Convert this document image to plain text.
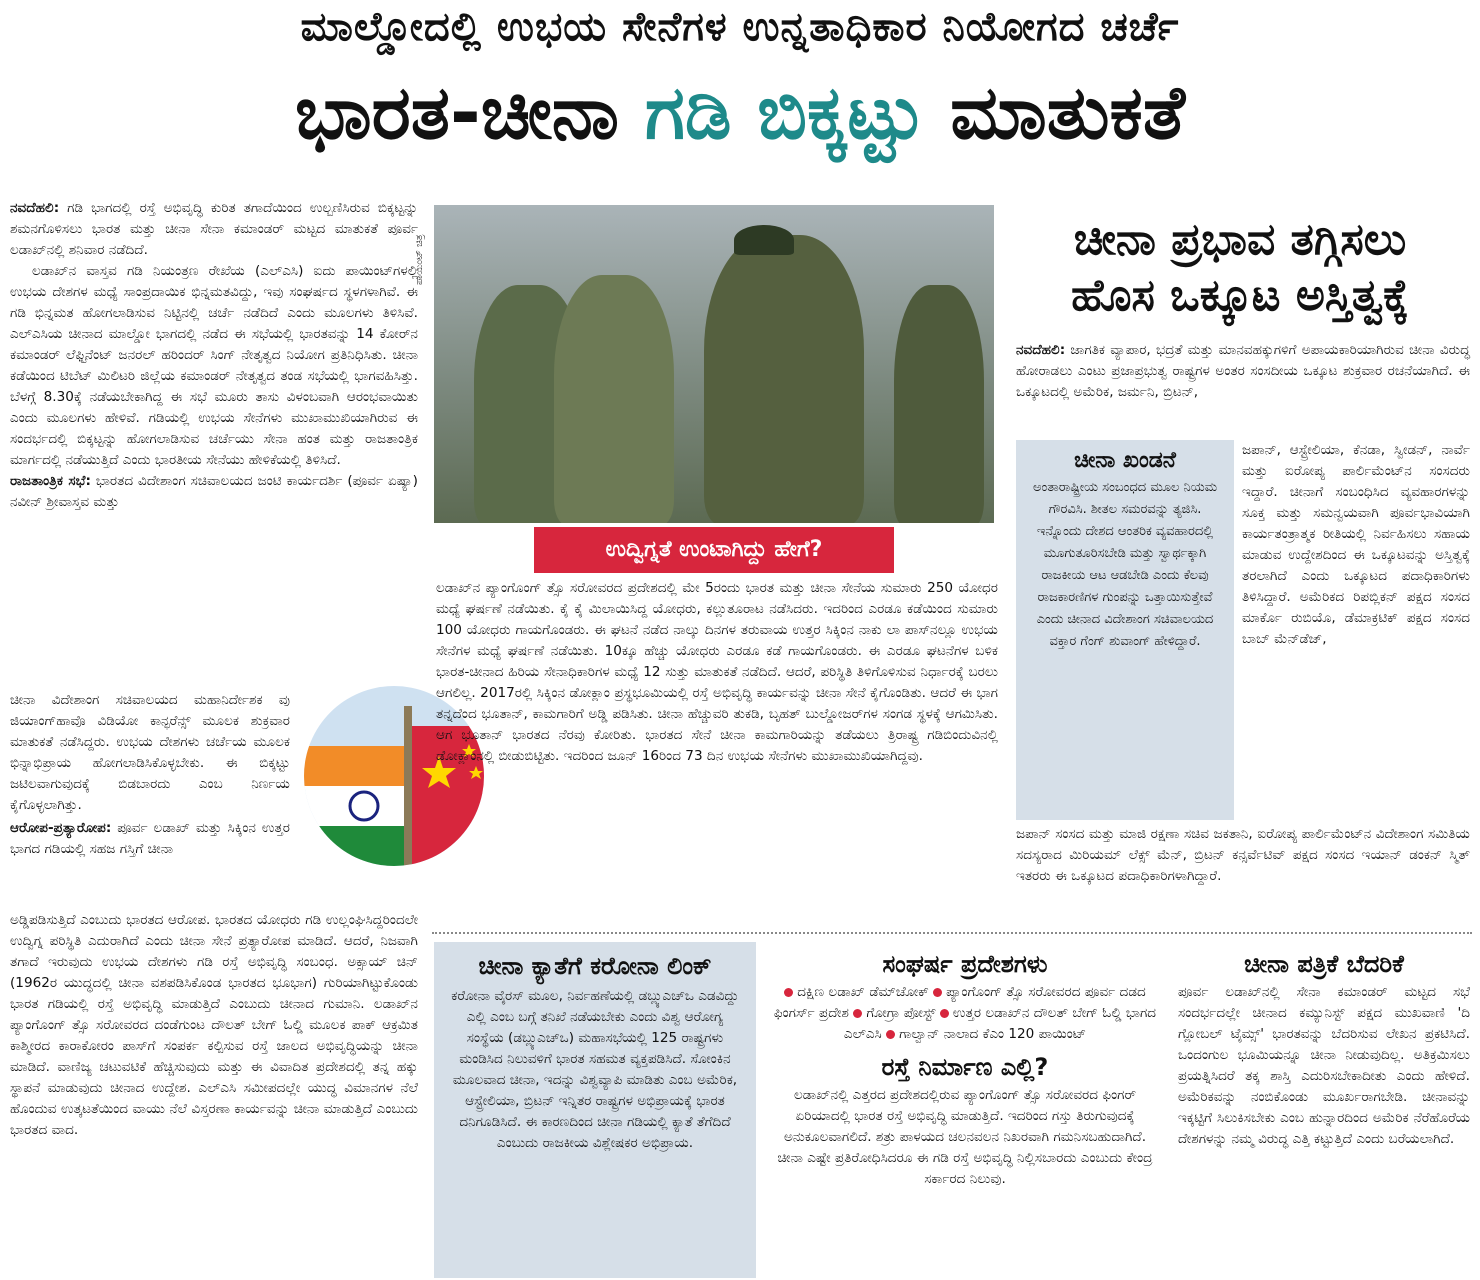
ಮಾಲ್ಡೋದಲ್ಲಿ ಉಭಯ ಸೇನೆಗಳ ಉನ್ನತಾಧಿಕಾರ ನಿಯೋಗದ ಚರ್ಚೆ
ಭಾರತ-ಚೀನಾ ಗಡಿ ಬಿಕ್ಕಟ್ಟು ಮಾತುಕತೆ

ನವದೆಹಲಿ: ಗಡಿ ಭಾಗದಲ್ಲಿ ರಸ್ತೆ ಅಭಿವೃದ್ಧಿ ಕುರಿತ ತಗಾದೆಯಿಂದ ಉಲ್ಬಣಿಸಿರುವ ಬಿಕ್ಕಟ್ಟನ್ನು ಶಮನಗೊಳಿಸಲು ಭಾರತ ಮತ್ತು ಚೀನಾ ಸೇನಾ ಕಮಾಂಡರ್ ಮಟ್ಟದ ಮಾತುಕತೆ ಪೂರ್ವ ಲಡಾಖ್‌ನಲ್ಲಿ ಶನಿವಾರ ನಡೆದಿದೆ.

ಲಡಾಖ್‌ನ ವಾಸ್ತವ ಗಡಿ ನಿಯಂತ್ರಣ ರೇಖೆಯ (ಎಲ್‌ಎಸಿ) ಐದು ಪಾಯಿಂಟ್‌ಗಳಲ್ಲಿ ಉಭಯ ದೇಶಗಳ ಮಧ್ಯೆ ಸಾಂಪ್ರದಾಯಿಕ ಭಿನ್ನಮತವಿದ್ದು, ಇವು ಸಂಘರ್ಷದ ಸ್ಥಳಗಳಾಗಿವೆ. ಈ ಗಡಿ ಭಿನ್ನಮತ ಹೋಗಲಾಡಿಸುವ ನಿಟ್ಟಿನಲ್ಲಿ ಚರ್ಚೆ ನಡೆದಿದೆ ಎಂದು ಮೂಲಗಳು ತಿಳಿಸಿವೆ. ಎಲ್‌ಎಸಿಯ ಚೀನಾದ ಮಾಲ್ಡೋ ಭಾಗದಲ್ಲಿ ನಡೆದ ಈ ಸಭೆಯಲ್ಲಿ ಭಾರತವನ್ನು 14 ಕೋರ್‌ನ ಕಮಾಂಡರ್ ಲೆಫ್ಟಿನೆಂಟ್ ಜನರಲ್ ಹರಿಂದರ್ ಸಿಂಗ್ ನೇತೃತ್ವದ ನಿಯೋಗ ಪ್ರತಿನಿಧಿಸಿತು. ಚೀನಾ ಕಡೆಯಿಂದ ಟಿಬೆಟ್ ಮಿಲಿಟರಿ ಜಿಲ್ಲೆಯ ಕಮಾಂಡರ್ ನೇತೃತ್ವದ ತಂಡ ಸಭೆಯಲ್ಲಿ ಭಾಗವಹಿಸಿತ್ತು. ಬೆಳಗ್ಗೆ 8.30ಕ್ಕೆ ನಡೆಯಬೇಕಾಗಿದ್ದ ಈ ಸಭೆ ಮೂರು ತಾಸು ವಿಳಂಬವಾಗಿ ಆರಂಭವಾಯಿತು ಎಂದು ಮೂಲಗಳು ಹೇಳಿವೆ. ಗಡಿಯಲ್ಲಿ ಉಭಯ ಸೇನೆಗಳು ಮುಖಾಮುಖಿಯಾಗಿರುವ ಈ ಸಂದರ್ಭದಲ್ಲಿ ಬಿಕ್ಕಟ್ಟನ್ನು ಹೋಗಲಾಡಿಸುವ ಚರ್ಚೆಯು ಸೇನಾ ಹಂತ ಮತ್ತು ರಾಜತಾಂತ್ರಿಕ ಮಾರ್ಗದಲ್ಲಿ ನಡೆಯುತ್ತಿದೆ ಎಂದು ಭಾರತೀಯ ಸೇನೆಯು ಹೇಳಿಕೆಯಲ್ಲಿ ತಿಳಿಸಿದೆ.

ರಾಜತಾಂತ್ರಿಕ ಸಭೆ: ಭಾರತದ ವಿದೇಶಾಂಗ ಸಚಿವಾಲಯದ ಜಂಟಿ ಕಾರ್ಯದರ್ಶಿ (ಪೂರ್ವ ಏಷ್ಯಾ) ನವೀನ್ ಶ್ರೀವಾಸ್ತವ ಮತ್ತು

ಚೀನಾ ವಿದೇಶಾಂಗ ಸಚಿವಾಲಯದ ಮಹಾನಿರ್ದೇಶಕ ವು ಜಿಯಾಂಗ್‌ಹಾವೊ ವಿಡಿಯೋ ಕಾನ್ಫರೆನ್ಸ್ ಮೂಲಕ ಶುಕ್ರವಾರ ಮಾತುಕತೆ ನಡೆಸಿದ್ದರು. ಉಭಯ ದೇಶಗಳು ಚರ್ಚೆಯ ಮೂಲಕ ಭಿನ್ನಾಭಿಪ್ರಾಯ ಹೋಗಲಾಡಿಸಿಕೊಳ್ಳಬೇಕು. ಈ ಬಿಕ್ಕಟ್ಟು ಜಟಿಲವಾಗುವುದಕ್ಕೆ ಬಿಡಬಾರದು ಎಂಬ ನಿರ್ಣಯ ಕೈಗೊಳ್ಳಲಾಗಿತ್ತು.

ಆರೋಪ-ಪ್ರತ್ಯಾರೋಪ: ಪೂರ್ವ ಲಡಾಖ್ ಮತ್ತು ಸಿಕ್ಕಿಂನ ಉತ್ತರ ಭಾಗದ ಗಡಿಯಲ್ಲಿ ಸಹಜ ಗಸ್ತಿಗೆ ಚೀನಾ

ಅಡ್ಡಿಪಡಿಸುತ್ತಿದೆ ಎಂಬುದು ಭಾರತದ ಆರೋಪ. ಭಾರತದ ಯೋಧರು ಗಡಿ ಉಲ್ಲಂಘಿಸಿದ್ದರಿಂದಲೇ ಉದ್ವಿಗ್ನ ಪರಿಸ್ಥಿತಿ ಎದುರಾಗಿದೆ ಎಂದು ಚೀನಾ ಸೇನೆ ಪ್ರತ್ಯಾರೋಪ ಮಾಡಿದೆ. ಆದರೆ, ನಿಜವಾಗಿ ತಗಾದೆ ಇರುವುದು ಉಭಯ ದೇಶಗಳು ಗಡಿ ರಸ್ತೆ ಅಭಿವೃದ್ಧಿ ಸಂಬಂಧ. ಅಕ್ಸಾಯ್ ಚಿನ್ (1962ರ ಯುದ್ಧದಲ್ಲಿ ಚೀನಾ ವಶಪಡಿಸಿಕೊಂಡ ಭಾರತದ ಭೂಭಾಗ) ಗುರಿಯಾಗಿಟ್ಟುಕೊಂಡು ಭಾರತ ಗಡಿಯಲ್ಲಿ ರಸ್ತೆ ಅಭಿವೃದ್ಧಿ ಮಾಡುತ್ತಿದೆ ಎಂಬುದು ಚೀನಾದ ಗುಮಾನಿ. ಲಡಾಖ್‌ನ ಪ್ಯಾಂಗೊಂಗ್ ತ್ಸೊ ಸರೋವರದ ದಂಡೆಗುಂಟ ದೌಲತ್ ಬೇಗ್ ಓಲ್ಡಿ ಮೂಲಕ ಪಾಕ್ ಆಕ್ರಮಿತ ಕಾಶ್ಮೀರದ ಕಾರಾಕೋರಂ ಪಾಸ್‌ಗೆ ಸಂಪರ್ಕ ಕಲ್ಪಿಸುವ ರಸ್ತೆ ಜಾಲದ ಅಭಿವೃದ್ಧಿಯನ್ನು ಚೀನಾ ಮಾಡಿದೆ. ವಾಣಿಜ್ಯ ಚಟುವಟಿಕೆ ಹೆಚ್ಚಿಸುವುದು ಮತ್ತು ಈ ವಿವಾದಿತ ಪ್ರದೇಶದಲ್ಲಿ ತನ್ನ ಹಕ್ಕು ಸ್ಥಾಪನೆ ಮಾಡುವುದು ಚೀನಾದ ಉದ್ದೇಶ. ಎಲ್‌ಎಸಿ ಸಮೀಪದಲ್ಲೇ ಯುದ್ಧ ವಿಮಾನಗಳ ನೆಲೆ ಹೊಂದುವ ಉತ್ಕಟತೆಯಿಂದ ವಾಯು ನೆಲೆ ವಿಸ್ತರಣಾ ಕಾರ್ಯವನ್ನು ಚೀನಾ ಮಾಡುತ್ತಿದೆ ಎಂಬುದು ಭಾರತದ ವಾದ.
ಪಾಯಿಂಟ್ ಚಿತ್ರ
ಉದ್ವಿಗ್ನತೆ ಉಂಟಾಗಿದ್ದು ಹೇಗೆ?
ಲಡಾಖ್‌ನ ಪ್ಯಾಂಗೊಂಗ್ ತ್ಸೊ ಸರೋವರದ ಪ್ರದೇಶದಲ್ಲಿ ಮೇ 5ರಂದು ಭಾರತ ಮತ್ತು ಚೀನಾ ಸೇನೆಯ ಸುಮಾರು 250 ಯೋಧರ ಮಧ್ಯೆ ಘರ್ಷಣೆ ನಡೆಯಿತು. ಕೈ ಕೈ ಮಿಲಾಯಿಸಿದ್ದ ಯೋಧರು, ಕಲ್ಲುತೂರಾಟ ನಡೆಸಿದರು. ಇದರಿಂದ ಎರಡೂ ಕಡೆಯಿಂದ ಸುಮಾರು 100 ಯೋಧರು ಗಾಯಗೊಂಡರು. ಈ ಘಟನೆ ನಡೆದ ನಾಲ್ಕು ದಿನಗಳ ತರುವಾಯ ಉತ್ತರ ಸಿಕ್ಕಿಂನ ನಾಕು ಲಾ ಪಾಸ್‌ನಲ್ಲೂ ಉಭಯ ಸೇನೆಗಳ ಮಧ್ಯೆ ಘರ್ಷಣೆ ನಡೆಯಿತು. 10ಕ್ಕೂ ಹೆಚ್ಚು ಯೋಧರು ಎರಡೂ ಕಡೆ ಗಾಯಗೊಂಡರು. ಈ ಎರಡೂ ಘಟನೆಗಳ ಬಳಿಕ ಭಾರತ-ಚೀನಾದ ಹಿರಿಯ ಸೇನಾಧಿಕಾರಿಗಳ ಮಧ್ಯೆ 12 ಸುತ್ತು ಮಾತುಕತೆ ನಡೆದಿದೆ. ಆದರೆ, ಪರಿಸ್ಥಿತಿ ತಿಳಿಗೊಳಿಸುವ ನಿರ್ಧಾರಕ್ಕೆ ಬರಲು ಆಗಲಿಲ್ಲ. 2017ರಲ್ಲಿ ಸಿಕ್ಕಿಂನ ಡೋಕ್ಲಾಂ ಪ್ರಸ್ಥಭೂಮಿಯಲ್ಲಿ ರಸ್ತೆ ಅಭಿವೃದ್ಧಿ ಕಾರ್ಯವನ್ನು ಚೀನಾ ಸೇನೆ ಕೈಗೊಂಡಿತು. ಆದರೆ ಈ ಭಾಗ ತನ್ನದೆಂದ ಭೂತಾನ್, ಕಾಮಗಾರಿಗೆ ಅಡ್ಡಿ ಪಡಿಸಿತು. ಚೀನಾ ಹೆಚ್ಚುವರಿ ತುಕಡಿ, ಬೃಹತ್ ಬುಲ್ಡೋಜರ್‌ಗಳ ಸಂಗಡ ಸ್ಥಳಕ್ಕೆ ಆಗಮಿಸಿತು. ಆಗ ಭೂತಾನ್ ಭಾರತದ ನೆರವು ಕೋರಿತು. ಭಾರತದ ಸೇನೆ ಚೀನಾ ಕಾಮಗಾರಿಯನ್ನು ತಡೆಯಲು ತ್ರಿರಾಷ್ಟ್ರ ಗಡಿಬಿಂದುವಿನಲ್ಲಿ ಡೋಕ್ಲಾಂನಲ್ಲಿ ಬೀಡುಬಿಟ್ಟಿತು. ಇದರಿಂದ ಜೂನ್ 16ರಿಂದ 73 ದಿನ ಉಭಯ ಸೇನೆಗಳು ಮುಖಾಮುಖಿಯಾಗಿದ್ದವು.
ಚೀನಾ ಪ್ರಭಾವ ತಗ್ಗಿಸಲು
ಹೊಸ ಒಕ್ಕೂಟ ಅಸ್ತಿತ್ವಕ್ಕೆ

ನವದೆಹಲಿ: ಜಾಗತಿಕ ವ್ಯಾಪಾರ, ಭದ್ರತೆ ಮತ್ತು ಮಾನವಹಕ್ಕುಗಳಿಗೆ ಅಪಾಯಕಾರಿಯಾಗಿರುವ ಚೀನಾ ವಿರುದ್ಧ ಹೋರಾಡಲು ಎಂಟು ಪ್ರಜಾಪ್ರಭುತ್ವ ರಾಷ್ಟ್ರಗಳ ಅಂತರ ಸಂಸದೀಯ ಒಕ್ಕೂಟ ಶುಕ್ರವಾರ ರಚನೆಯಾಗಿದೆ. ಈ ಒಕ್ಕೂಟದಲ್ಲಿ ಅಮೆರಿಕ, ಜರ್ಮನಿ, ಬ್ರಿಟನ್,

ಚೀನಾ ಖಂಡನೆ
ಅಂತಾರಾಷ್ಟ್ರೀಯ ಸಂಬಂಧದ ಮೂಲ ನಿಯಮ ಗೌರವಿಸಿ. ಶೀತಲ ಸಮರವನ್ನು ತ್ಯಜಿಸಿ. ಇನ್ನೊಂದು ದೇಶದ ಆಂತರಿಕ ವ್ಯವಹಾರದಲ್ಲಿ ಮೂಗುತೂರಿಸಬೇಡಿ ಮತ್ತು ಸ್ವಾರ್ಥಕ್ಕಾಗಿ ರಾಜಕೀಯ ಆಟ ಆಡಬೇಡಿ ಎಂದು ಕೆಲವು ರಾಜಕಾರಣಿಗಳ ಗುಂಪನ್ನು ಒತ್ತಾಯಿಸುತ್ತೇವೆ ಎಂದು ಚೀನಾದ ವಿದೇಶಾಂಗ ಸಚಿವಾಲಯದ ವಕ್ತಾರ ಗೆಂಗ್ ಶುವಾಂಗ್ ಹೇಳಿದ್ದಾರೆ.
ಜಪಾನ್, ಆಸ್ಟ್ರೇಲಿಯಾ, ಕೆನಡಾ, ಸ್ವೀಡನ್, ನಾರ್ವೆ ಮತ್ತು ಐರೋಪ್ಯ ಪಾರ್ಲಿಮೆಂಟ್‌ನ ಸಂಸದರು ಇದ್ದಾರೆ. ಚೀನಾಗೆ ಸಂಬಂಧಿಸಿದ ವ್ಯವಹಾರಗಳನ್ನು ಸೂಕ್ತ ಮತ್ತು ಸಮನ್ವಯವಾಗಿ ಪೂರ್ವಭಾವಿಯಾಗಿ ಕಾರ್ಯತಂತ್ರಾತ್ಮಕ ರೀತಿಯಲ್ಲಿ ನಿರ್ವಹಿಸಲು ಸಹಾಯ ಮಾಡುವ ಉದ್ದೇಶದಿಂದ ಈ ಒಕ್ಕೂಟವನ್ನು ಅಸ್ತಿತ್ವಕ್ಕೆ ತರಲಾಗಿದೆ ಎಂದು ಒಕ್ಕೂಟದ ಪದಾಧಿಕಾರಿಗಳು ತಿಳಿಸಿದ್ದಾರೆ. ಅಮೆರಿಕದ ರಿಪಬ್ಲಿಕನ್ ಪಕ್ಷದ ಸಂಸದ ಮಾರ್ಕೊ ರುಬಿಯೊ, ಡೆಮಾಕ್ರಟಿಕ್ ಪಕ್ಷದ ಸಂಸದ ಬಾಬ್ ಮೆನ್‌ಡೆಜ್,
ಜಪಾನ್ ಸಂಸದ ಮತ್ತು ಮಾಜಿ ರಕ್ಷಣಾ ಸಚಿವ ಜಕತಾನಿ, ಐರೋಪ್ಯ ಪಾರ್ಲಿಮೆಂಟ್‌ನ ವಿದೇಶಾಂಗ ಸಮಿತಿಯ ಸದಸ್ಯರಾದ ಮಿರಿಯಮ್ ಲೆಕ್ಸ್ ಮೆನ್, ಬ್ರಿಟನ್ ಕನ್ಸರ್ವೆಟಿವ್ ಪಕ್ಷದ ಸಂಸದ ಇಯಾನ್ ಡಂಕನ್ ಸ್ಮಿತ್ ಇತರರು ಈ ಒಕ್ಕೂಟದ ಪದಾಧಿಕಾರಿಗಳಾಗಿದ್ದಾರೆ.
ಚೀನಾ ಕ್ಯಾತೆಗೆ ಕರೋನಾ ಲಿಂಕ್
ಕರೋನಾ ವೈರಸ್ ಮೂಲ, ನಿರ್ವಹಣೆಯಲ್ಲಿ ಡಬ್ಲ್ಯುಎಚ್‌ಒ ಎಡವಿದ್ದು ಎಲ್ಲಿ ಎಂಬ ಬಗ್ಗೆ ತನಿಖೆ ನಡೆಯಬೇಕು ಎಂದು ವಿಶ್ವ ಆರೋಗ್ಯ ಸಂಸ್ಥೆಯ (ಡಬ್ಲ್ಯುಎಚ್‌ಒ) ಮಹಾಸಭೆಯಲ್ಲಿ 125 ರಾಷ್ಟ್ರಗಳು ಮಂಡಿಸಿದ ನಿಲುವಳಿಗೆ ಭಾರತ ಸಹಮತ ವ್ಯಕ್ತಪಡಿಸಿದೆ. ಸೋಂಕಿನ ಮೂಲವಾದ ಚೀನಾ, ಇದನ್ನು ವಿಶ್ವವ್ಯಾಪಿ ಮಾಡಿತು ಎಂಬ ಅಮೆರಿಕ, ಆಸ್ಟ್ರೇಲಿಯಾ, ಬ್ರಿಟನ್ ಇನ್ನಿತರ ರಾಷ್ಟ್ರಗಳ ಅಭಿಪ್ರಾಯಕ್ಕೆ ಭಾರತ ದನಿಗೂಡಿಸಿದೆ. ಈ ಕಾರಣದಿಂದ ಚೀನಾ ಗಡಿಯಲ್ಲಿ ಕ್ಯಾತೆ ತೆಗೆದಿದೆ ಎಂಬುದು ರಾಜಕೀಯ ವಿಶ್ಲೇಷಕರ ಅಭಿಪ್ರಾಯ.
ಸಂಘರ್ಷ ಪ್ರದೇಶಗಳು
ದಕ್ಷಿಣ ಲಡಾಖ್ ಡೆಮ್‌ಚೋಕ್ ಪ್ಯಾಂಗೊಂಗ್ ತ್ಸೊ ಸರೋವರದ ಪೂರ್ವ ದಡದ ಫಿಂಗರ್ಸ್ ಪ್ರದೇಶ ಗೋಗ್ರಾ ಪೋಸ್ಟ್ ಉತ್ತರ ಲಡಾಖ್‌ನ ದೌಲತ್ ಬೇಗ್ ಓಲ್ಡಿ ಭಾಗದ ಎಲ್‌ಎಸಿ ಗಾಲ್ವಾನ್ ನಾಲಾದ ಕೆಎಂ 120 ಪಾಯಿಂಟ್
ರಸ್ತೆ ನಿರ್ಮಾಣ ಎಲ್ಲಿ?
ಲಡಾಖ್‌ನಲ್ಲಿ ಎತ್ತರದ ಪ್ರದೇಶದಲ್ಲಿರುವ ಪ್ಯಾಂಗೊಂಗ್ ತ್ಸೊ ಸರೋವರದ ಫಿಂಗರ್ ಏರಿಯಾದಲ್ಲಿ ಭಾರತ ರಸ್ತೆ ಅಭಿವೃದ್ಧಿ ಮಾಡುತ್ತಿದೆ. ಇದರಿಂದ ಗಸ್ತು ತಿರುಗುವುದಕ್ಕೆ ಅನುಕೂಲವಾಗಲಿದೆ. ಶತ್ರು ಪಾಳಯದ ಚಲನವಲನ ನಿಖರವಾಗಿ ಗಮನಿಸಬಹುದಾಗಿದೆ. ಚೀನಾ ಎಷ್ಟೇ ಪ್ರತಿರೋಧಿಸಿದರೂ ಈ ಗಡಿ ರಸ್ತೆ ಅಭಿವೃದ್ಧಿ ನಿಲ್ಲಿಸಬಾರದು ಎಂಬುದು ಕೇಂದ್ರ ಸರ್ಕಾರದ ನಿಲುವು.
ಚೀನಾ ಪತ್ರಿಕೆ ಬೆದರಿಕೆ
ಪೂರ್ವ ಲಡಾಖ್‌ನಲ್ಲಿ ಸೇನಾ ಕಮಾಂಡರ್ ಮಟ್ಟದ ಸಭೆ ಸಂದರ್ಭದಲ್ಲೇ ಚೀನಾದ ಕಮ್ಯುನಿಸ್ಟ್ ಪಕ್ಷದ ಮುಖವಾಣಿ 'ದಿ ಗ್ಲೋಬಲ್ ಟೈಮ್ಸ್' ಭಾರತವನ್ನು ಬೆದರಿಸುವ ಲೇಖನ ಪ್ರಕಟಿಸಿದೆ. ಒಂದಂಗುಲ ಭೂಮಿಯನ್ನೂ ಚೀನಾ ನೀಡುವುದಿಲ್ಲ. ಅತಿಕ್ರಮಿಸಲು ಪ್ರಯತ್ನಿಸಿದರೆ ತಕ್ಕ ಶಾಸ್ತಿ ಎದುರಿಸಬೇಕಾದೀತು ಎಂದು ಹೇಳಿದೆ. ಅಮೆರಿಕವನ್ನು ನಂಬಿಕೊಂಡು ಮೂರ್ಖರಾಗಬೇಡಿ. ಚೀನಾವನ್ನು ಇಕ್ಕಟ್ಟಿಗೆ ಸಿಲುಕಿಸಬೇಕು ಎಂಬ ಹುನ್ನಾರದಿಂದ ಅಮೆರಿಕ ನೆರೆಹೊರೆಯ ದೇಶಗಳನ್ನು ನಮ್ಮ ವಿರುದ್ಧ ಎತ್ತಿ ಕಟ್ಟುತ್ತಿದೆ ಎಂದು ಬರೆಯಲಾಗಿದೆ.
